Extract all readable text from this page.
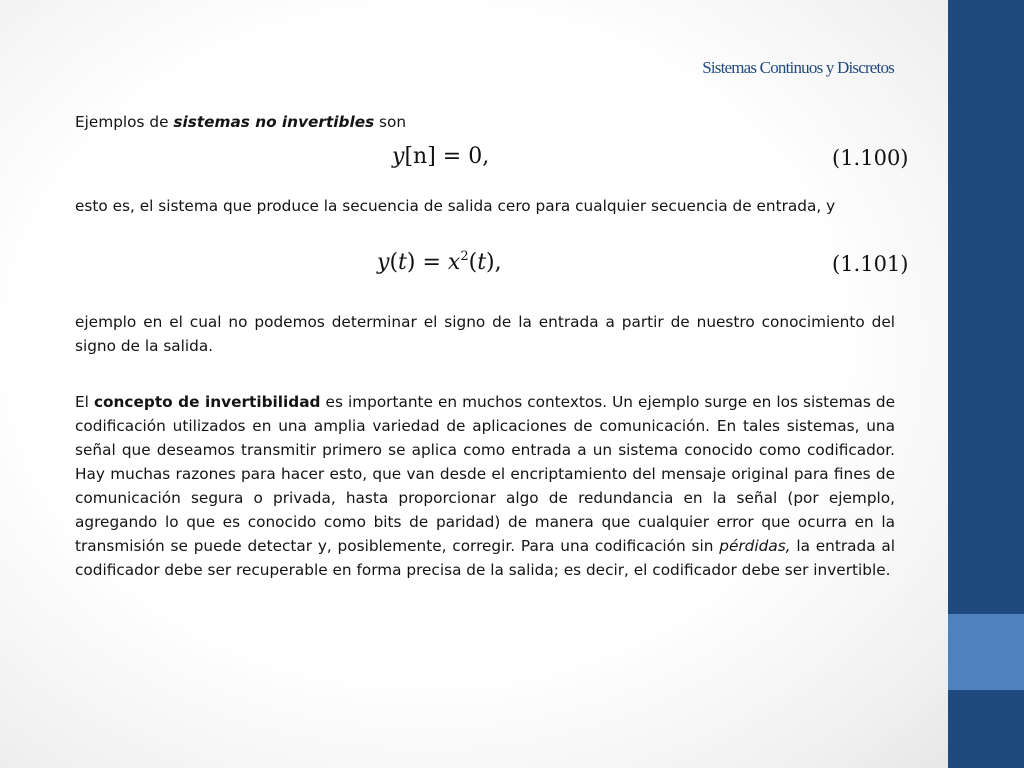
Sistemas Continuos y Discretos
Ejemplos de sistemas no invertibles son
y[n] = 0,	(1.100)
esto es, el sistema que produce la secuencia de salida cero para cualquier secuencia de entrada, y
$y(t) = x^2(t)$,	(1.101)
ejemplo en el cual no podemos determinar el signo de la entrada a partir de nuestro conocimiento del signo de la salida.
El concepto de invertibilidad es importante en muchos contextos. Un ejemplo surge en los sistemas de codificación utilizados en una amplia variedad de aplicaciones de comunicación. En tales sistemas, una señal que deseamos transmitir primero se aplica como entrada a un sistema conocido como codificador. Hay muchas razones para hacer esto, que van desde el encriptamiento del mensaje original para fines de comunicación segura o privada, hasta proporcionar algo de redundancia en la señal (por ejemplo, agregando lo que es conocido como bits de paridad) de manera que cualquier error que ocurra en la transmisión se puede detectar y, posiblemente, corregir. Para una codificación sin pérdidas, la entrada al codificador debe ser recuperable en forma precisa de la salida; es decir, el codificador debe ser invertible.
